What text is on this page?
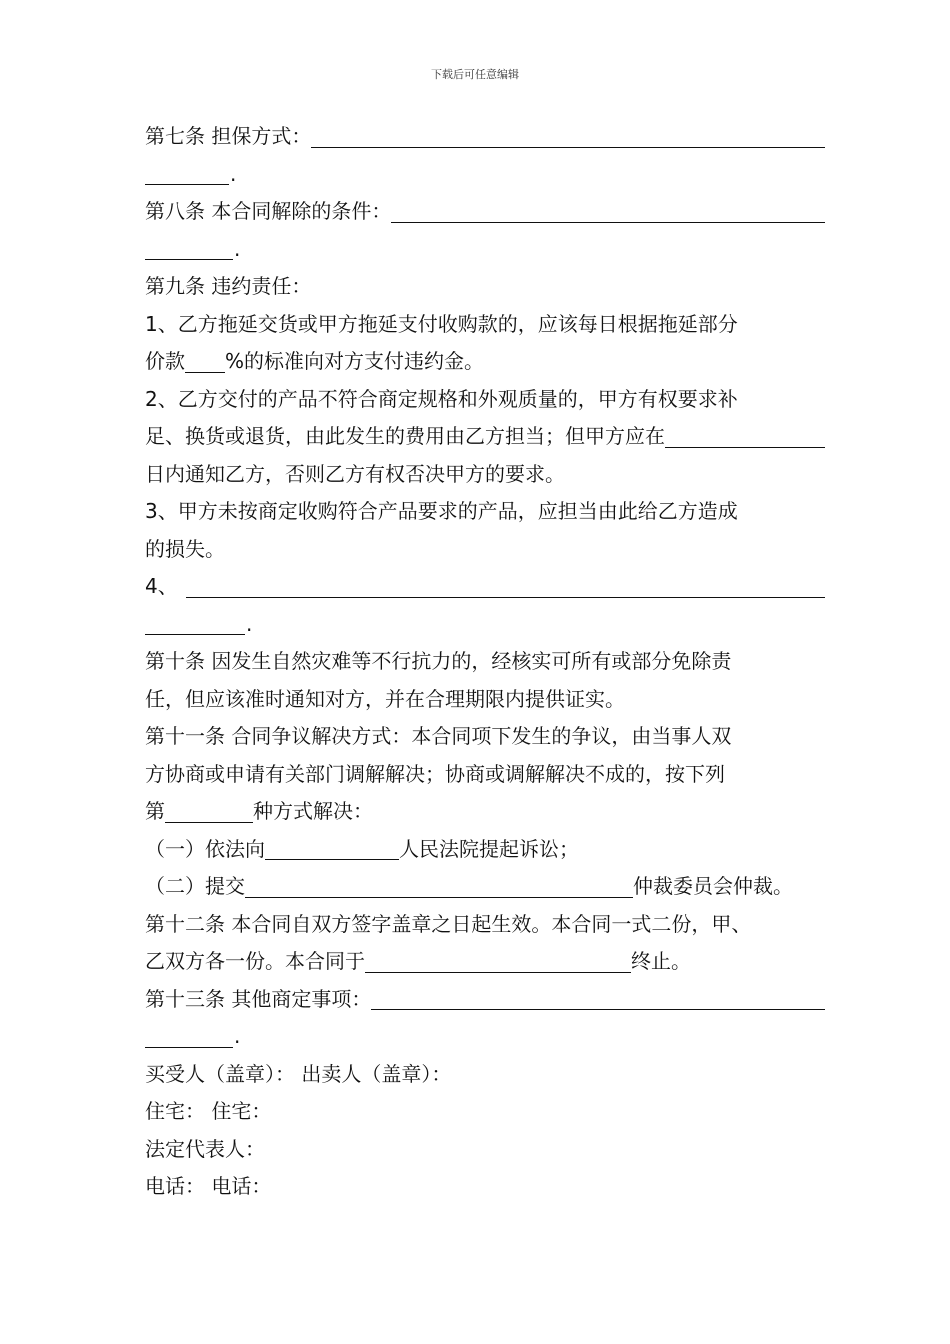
下载后可任意编辑
第七条 担保方式：
.
第八条 本合同解除的条件：
.
第九条 违约责任：
1、乙方拖延交货或甲方拖延支付收购款的，应该每日根据拖延部分
价款 %的标准向对方支付违约金。
2、乙方交付的产品不符合商定规格和外观质量的，甲方有权要求补
足、换货或退货，由此发生的费用由乙方担当；但甲方应在
日内通知乙方，否则乙方有权否决甲方的要求。
3、甲方未按商定收购符合产品要求的产品，应担当由此给乙方造成
的损失。
4、
.
第十条 因发生自然灾难等不行抗力的，经核实可所有或部分免除责
任，但应该准时通知对方，并在合理期限内提供证实。
第十一条 合同争议解决方式：本合同项下发生的争议，由当事人双
方协商或申请有关部门调解解决；协商或调解解决不成的，按下列
第	种方式解决：
（一）依法向	人民法院提起诉讼；
（二）提交	仲裁委员会仲裁。
第十二条 本合同自双方签字盖章之日起生效。本合同一式二份，甲、
乙双方各一份。本合同于	终止。
第十三条 其他商定事项：
.
买受人（盖章）： 出卖人（盖章）：
住宅： 住宅：
法定代表人：
电话： 电话：
